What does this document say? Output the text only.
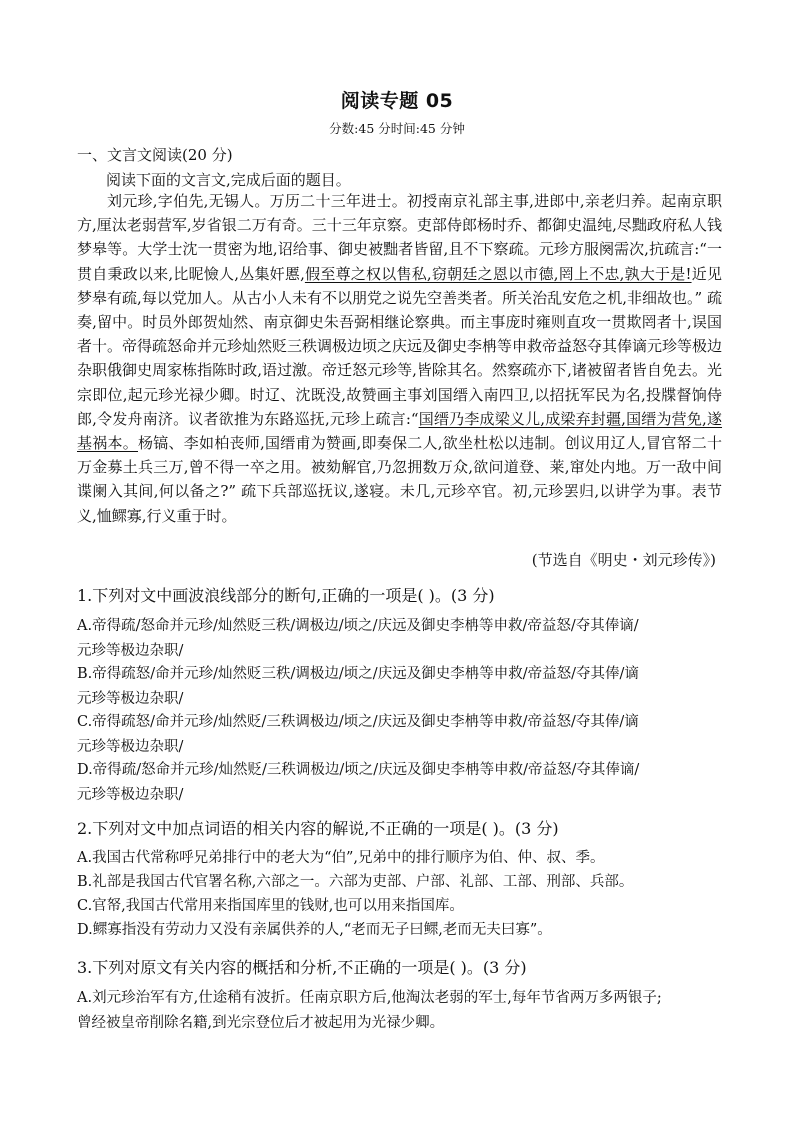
阅读专题 05
分数:45 分时间:45 分钟
一、文言文阅读(20 分)
阅读下面的文言文,完成后面的题目。
刘元珍,字伯先,无锡人。万历二十三年进士。初授南京礼部主事,进郎中,亲老归养。起南京职方,厘汰老弱营军,岁省银二万有奇。三十三年京察。吏部侍郎杨时乔、都御史温纯,尽黜政府私人钱梦皋等。大学士沈一贯密为地,诏给事、御史被黜者皆留,且不下察疏。元珍方服阕需次,抗疏言:“一贯自秉政以来,比昵憸人,丛集奸慝,假至尊之权以售私,窃朝廷之恩以市德,罔上不忠,孰大于是!近见梦皋有疏,每以党加人。从古小人未有不以朋党之说先空善类者。所关治乱安危之机,非细故也。” 疏奏,留中。时员外郎贺灿然、南京御史朱吾弼相继论察典。而主事庞时雍则直攻一贯欺罔者十,误国者十。帝得疏怒命并元珍灿然贬三秩调极边顷之庆远及御史李柟等申救帝益怒夺其俸谪元珍等极边杂职俄御史周家栋指陈时政,语过激。帝迁怒元珍等,皆除其名。然察疏亦下,诸被留者皆自免去。光宗即位,起元珍光禄少卿。时辽、沈既没,故赞画主事刘国缙入南四卫,以招抚军民为名,投牒督饷侍郎,令发舟南济。议者欲推为东路巡抚,元珍上疏言:“国缙乃李成梁义儿,成梁弃封疆,国缙为营免,遂基祸本。杨镐、李如柏丧师,国缙甫为赞画,即奏保二人,欲坐杜松以违制。创议用辽人,冒官帑二十万金募土兵三万,曾不得一卒之用。被劾解官,乃忽拥数万众,欲问道登、莱,窜处内地。万一敌中间谍阑入其间,何以备之?” 疏下兵部巡抚议,遂寝。未几,元珍卒官。初,元珍罢归,以讲学为事。表节义,恤鳏寡,行义重于时。
(节选自《明史・刘元珍传》)
1.下列对文中画波浪线部分的断句,正确的一项是( )。(3 分)
A.帝得疏/怒命并元珍/灿然贬三秩/调极边/顷之/庆远及御史李柟等申救/帝益怒/夺其俸谪/
元珍等极边杂职/
B.帝得疏怒/命并元珍/灿然贬三秩/调极边/顷之/庆远及御史李柟等申救/帝益怒/夺其俸/谪
元珍等极边杂职/
C.帝得疏怒/命并元珍/灿然贬/三秩调极边/顷之/庆远及御史李柟等申救/帝益怒/夺其俸/谪
元珍等极边杂职/
D.帝得疏/怒命并元珍/灿然贬/三秩调极边/顷之/庆远及御史李柟等申救/帝益怒/夺其俸谪/
元珍等极边杂职/
2.下列对文中加点词语的相关内容的解说,不正确的一项是( )。(3 分)
A.我国古代常称呼兄弟排行中的老大为“伯”,兄弟中的排行顺序为伯、仲、叔、季。
B.礼部是我国古代官署名称,六部之一。六部为吏部、户部、礼部、工部、刑部、兵部。
C.官帑,我国古代常用来指国库里的钱财,也可以用来指国库。
D.鳏寡指没有劳动力又没有亲属供养的人,“老而无子曰鳏,老而无夫曰寡”。
3.下列对原文有关内容的概括和分析,不正确的一项是( )。(3 分)
A.刘元珍治军有方,仕途稍有波折。任南京职方后,他淘汰老弱的军士,每年节省两万多两银子;
曾经被皇帝削除名籍,到光宗登位后才被起用为光禄少卿。
